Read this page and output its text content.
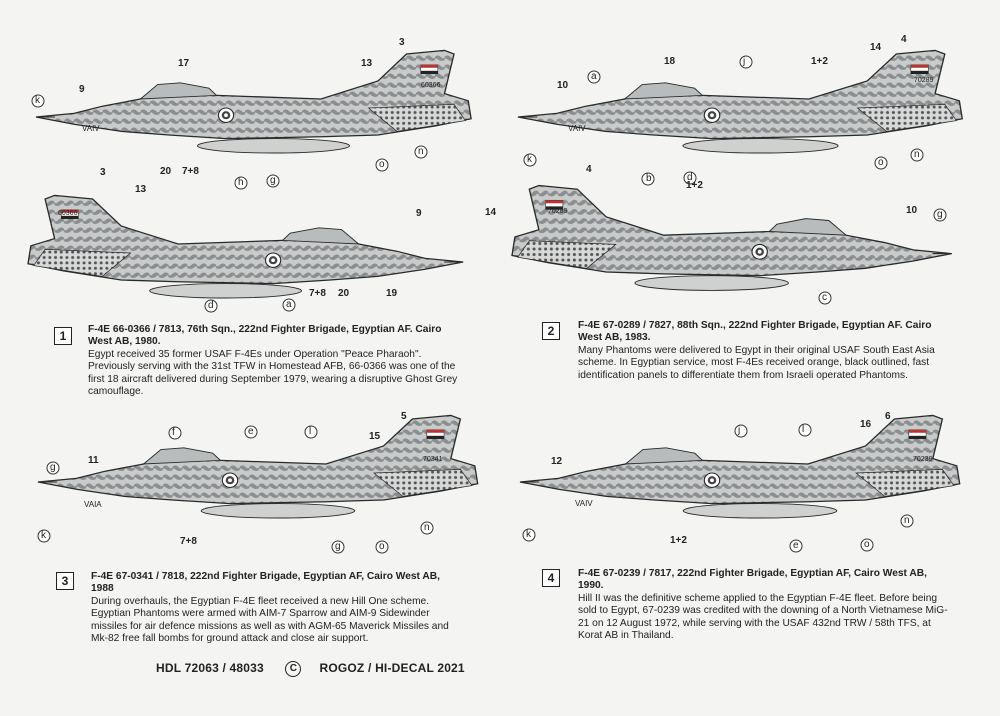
3
13
17
9
k
20 7+8
g
o
n
3
13
h
9
d	a
7+8 20	19
a
18	j	1+2
14
4
10
k
d
o
n
4
14
b
1+2
10 g
c
f	e	l
5
15
11
g
k
7+8	g	o
n
j	l
6
16
12
k
1+2	e	o
n
60366
60366
VAIV
70289
70289
VAIV
70341
VAIA
70239
VAIV
1	F-4E 66-0366 / 7813, 76th Sqn., 222nd Fighter Brigade, Egyptian AF. Cairo West AB, 1980.
Egypt received 35 former USAF F-4Es under Operation "Peace Pharaoh". Previously serving with the 31st TFW in Homestead AFB, 66-0366 was one of the first 18 aircraft delivered during September 1979, wearing a disruptive Ghost Grey camouflage.
2	F-4E 67-0289 / 7827, 88th Sqn., 222nd Fighter Brigade, Egyptian AF. Cairo West AB, 1983.
Many Phantoms were delivered to Egypt in their original USAF South East Asia scheme. In Egyptian service, most F-4Es received orange, black outlined, fast identification panels to differentiate them from Israeli operated Phantoms.
3	F-4E 67-0341 / 7818, 222nd Fighter Brigade, Egyptian AF, Cairo West AB, 1988
During overhauls, the Egyptian F-4E fleet received a new Hill One scheme. Egyptian Phantoms were armed with AIM-7 Sparrow and AIM-9 Sidewinder missiles for air defence missions as well as with AGM-65 Maverick Missiles and Mk-82 free fall bombs for ground attack and close air support.
4	F-4E 67-0239 / 7817, 222nd Fighter Brigade, Egyptian AF, Cairo West AB, 1990.
Hill II was the definitive scheme applied to the Egyptian F-4E fleet. Before being sold to Egypt, 67-0239 was credited with the downing of a North Vietnamese MiG-21 on 12 August 1972, while serving with the USAF 432nd TRW / 58th TFS, at Korat AB in Thailand.
HDL 72063 / 48033	C ROGOZ / HI-DECAL 2021
